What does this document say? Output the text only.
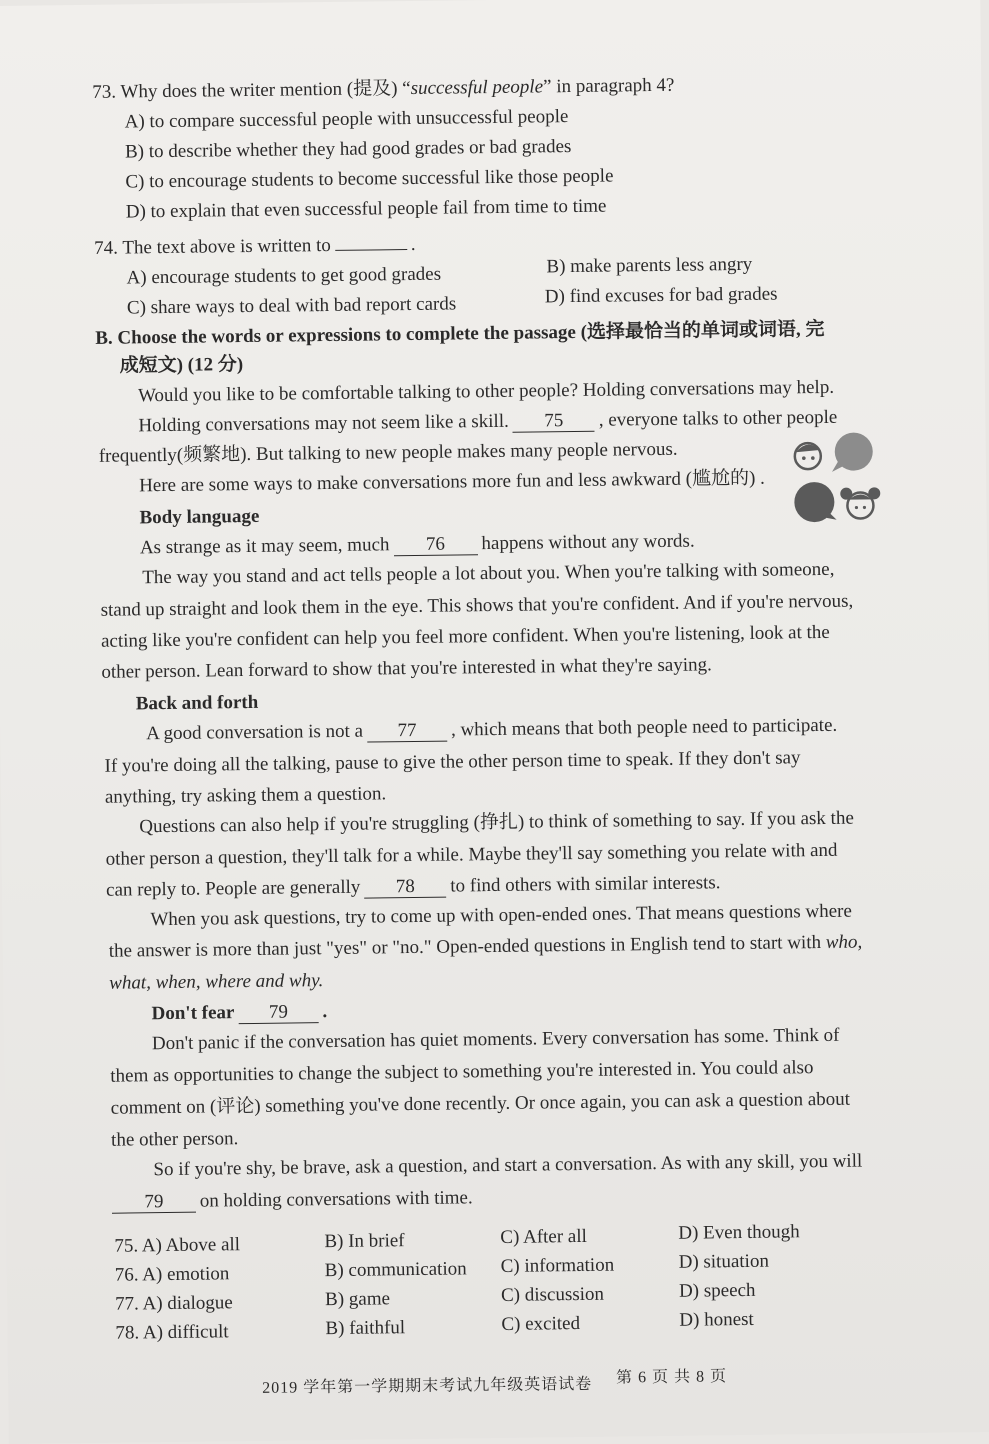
73. Why does the writer mention (提及) “successful people” in paragraph 4?
A) to compare successful people with unsuccessful people
B) to describe whether they had good grades or bad grades
C) to encourage students to become successful like those people
D) to explain that even successful people fail from time to time
74. The text above is written to	.
A) encourage students to get good grades	B) make parents less angry
C) share ways to deal with bad report cards	D) find excuses for bad grades
B. Choose the words or expressions to complete the passage (选择最恰当的单词或词语, 完
成短文) (12 分)
Would you like to be comfortable talking to other people? Holding conversations may help.
Holding conversations may not seem like a skill. 75 , everyone talks to other people
frequently(频繁地). But talking to new people makes many people nervous.
Here are some ways to make conversations more fun and less awkward (尴尬的) .
Body language
As strange as it may seem, much 76 happens without any words.
The way you stand and act tells people a lot about you. When you're talking with someone,
stand up straight and look them in the eye. This shows that you're confident. And if you're nervous,
acting like you're confident can help you feel more confident. When you're listening, look at the
other person. Lean forward to show that you're interested in what they're saying.
Back and forth
A good conversation is not a 77 , which means that both people need to participate.
If you're doing all the talking, pause to give the other person time to speak. If they don't say
anything, try asking them a question.
Questions can also help if you're struggling (挣扎) to think of something to say. If you ask the
other person a question, they'll talk for a while. Maybe they'll say something you relate with and
can reply to. People are generally 78 to find others with similar interests.
When you ask questions, try to come up with open-ended ones. That means questions where
the answer is more than just "yes" or "no." Open-ended questions in English tend to start with who,
what, when, where and why.
Don't fear 79 .
Don't panic if the conversation has quiet moments. Every conversation has some. Think of
them as opportunities to change the subject to something you're interested in. You could also
comment on (评论) something you've done recently. Or once again, you can ask a question about
the other person.
So if you're shy, be brave, ask a question, and start a conversation. As with any skill, you will
79 on holding conversations with time.
75. A) Above all	B) In brief	C) After all	D) Even though
76. A) emotion	B) communication C) information	D) situation
77. A) dialogue	B) game	C) discussion	D) speech
78. A) difficult	B) faithful	C) excited	D) honest
2019 学年第一学期期末考试九年级英语试卷 第 6 页 共 8 页
